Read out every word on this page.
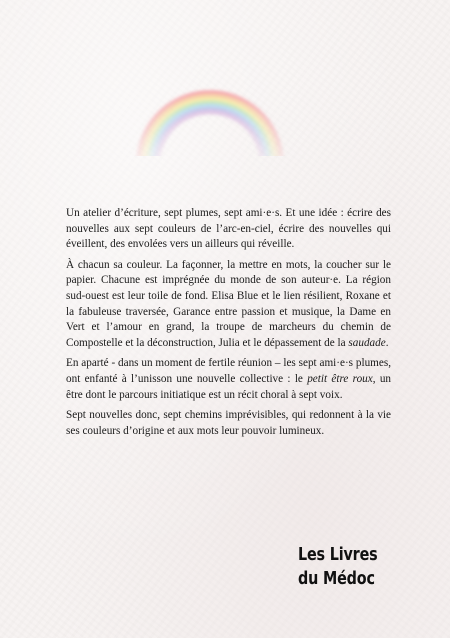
Un atelier d’écriture, sept plumes, sept ami·e·s. Et une idée : écrire des nouvelles aux sept couleurs de l’arc-en-ciel, écrire des nouvelles qui éveillent, des envolées vers un ailleurs qui réveille.

À chacun sa couleur. La façonner, la mettre en mots, la coucher sur le papier. Chacune est imprégnée du monde de son auteur·e. La région sud-ouest est leur toile de fond. Elisa Blue et le lien résilient, Roxane et la fabuleuse traversée, Garance entre passion et musique, la Dame en Vert et l’amour en grand, la troupe de marcheurs du chemin de Compostelle et la déconstruction, Julia et le dépassement de la saudade.

En aparté - dans un moment de fertile réunion – les sept ami·e·s plumes, ont enfanté à l’unisson une nouvelle collective : le petit être roux, un être dont le parcours initiatique est un récit choral à sept voix.

Sept nouvelles donc, sept chemins imprévisibles, qui redonnent à la vie ses couleurs d’origine et aux mots leur pouvoir lumineux.

Les Livres
du Médoc
